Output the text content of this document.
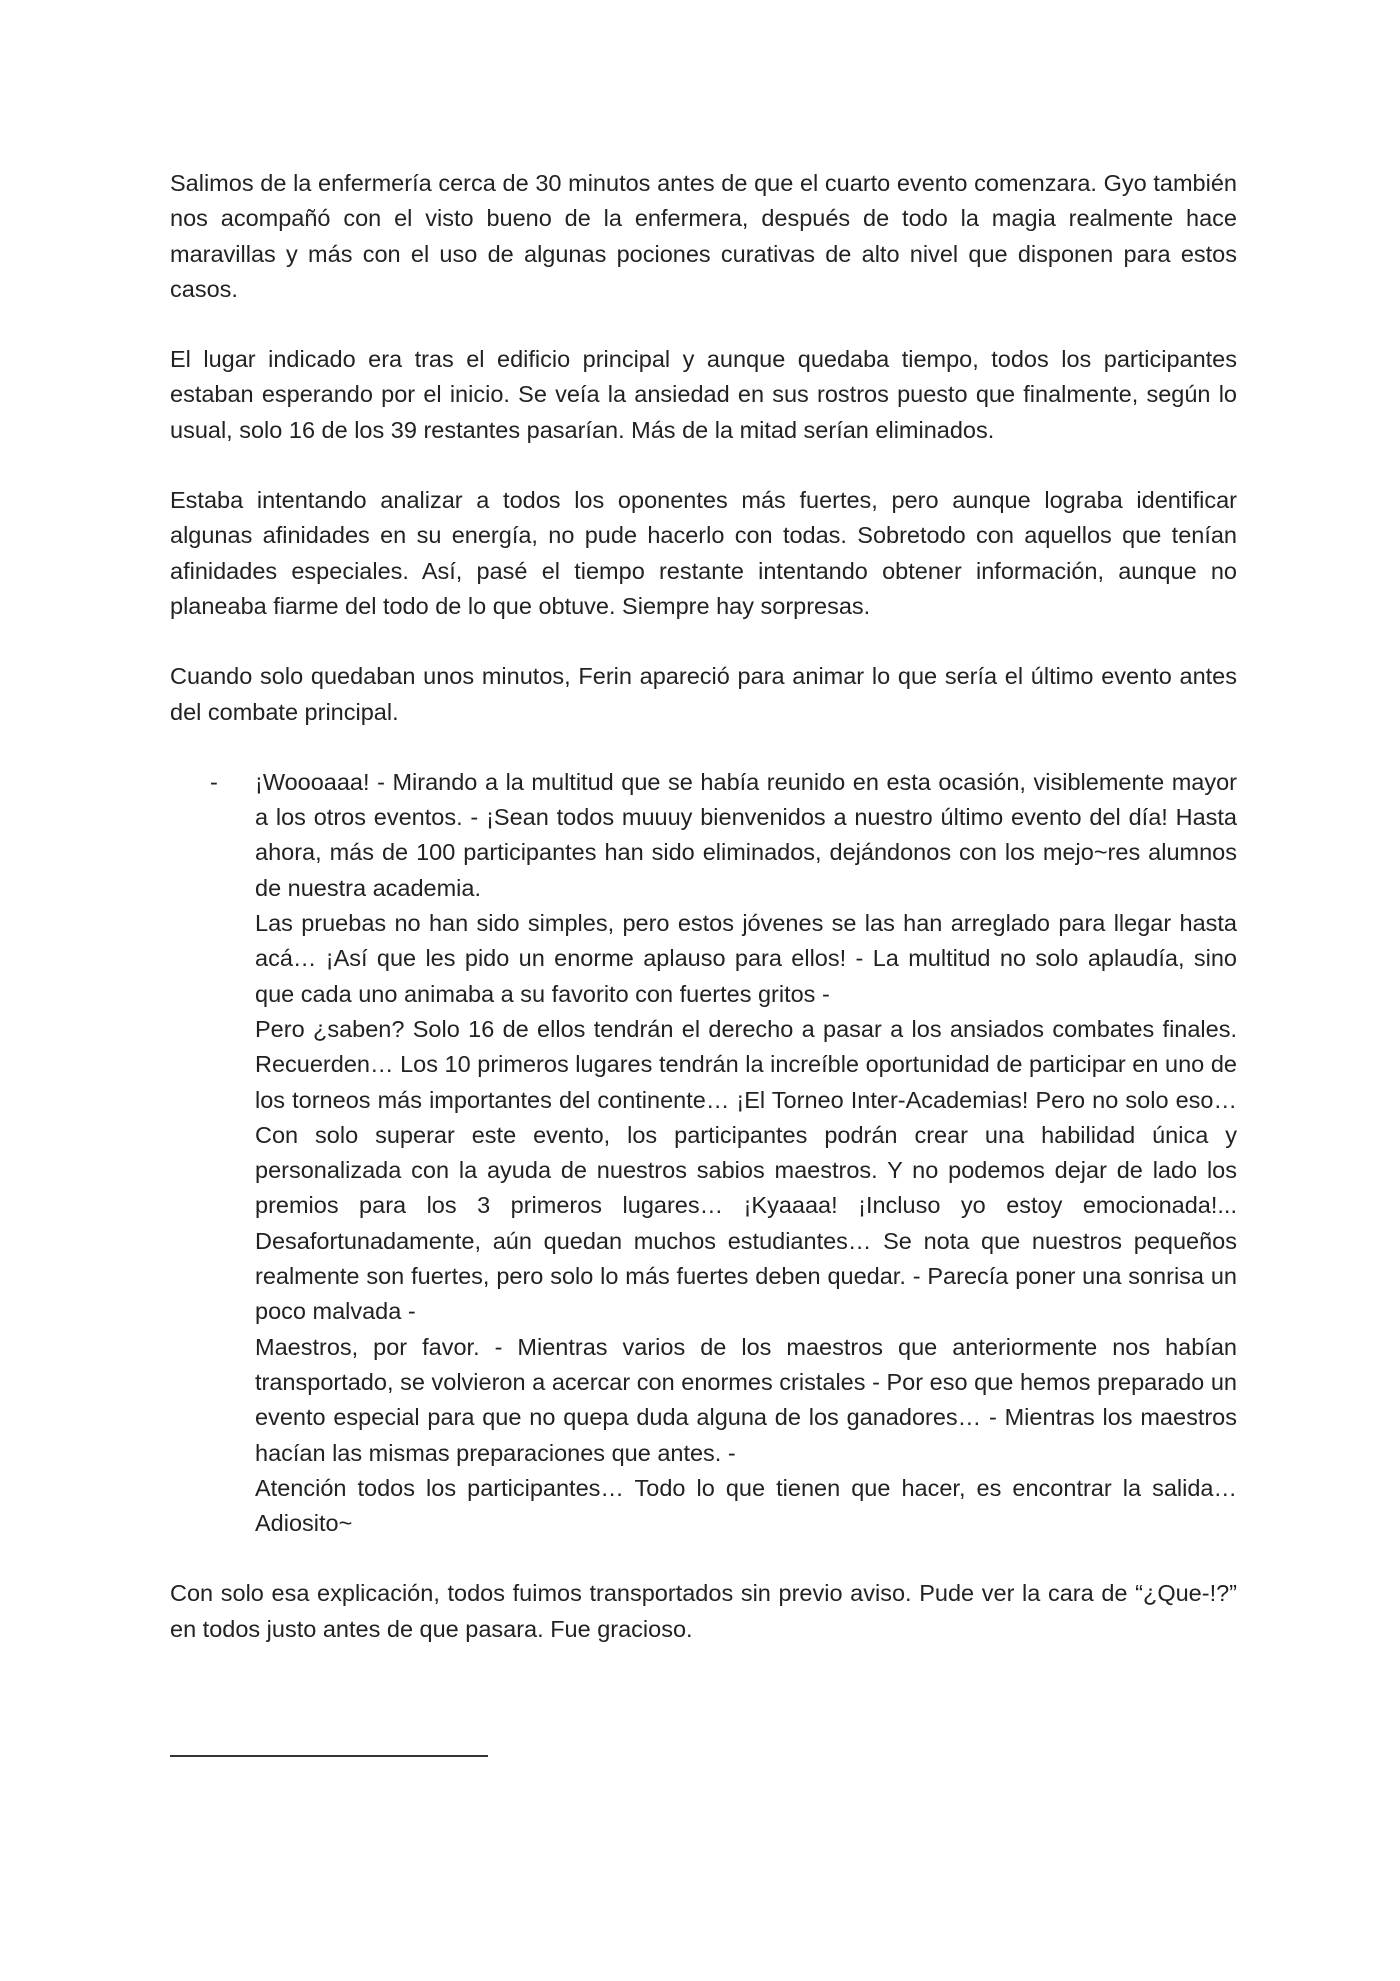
Salimos de la enfermería cerca de 30 minutos antes de que el cuarto evento comenzara. Gyo también nos acompañó con el visto bueno de la enfermera, después de todo la magia realmente hace maravillas y más con el uso de algunas pociones curativas de alto nivel que disponen para estos casos.

El lugar indicado era tras el edificio principal y aunque quedaba tiempo, todos los participantes estaban esperando por el inicio. Se veía la ansiedad en sus rostros puesto que finalmente, según lo usual, solo 16 de los 39 restantes pasarían. Más de la mitad serían eliminados.

Estaba intentando analizar a todos los oponentes más fuertes, pero aunque lograba identificar algunas afinidades en su energía, no pude hacerlo con todas. Sobretodo con aquellos que tenían afinidades especiales. Así, pasé el tiempo restante intentando obtener información, aunque no planeaba fiarme del todo de lo que obtuve. Siempre hay sorpresas.

Cuando solo quedaban unos minutos, Ferin apareció para animar lo que sería el último evento antes del combate principal.

- ¡Woooaaa! - Mirando a la multitud que se había reunido en esta ocasión, visiblemente mayor a los otros eventos. - ¡Sean todos muuuy bienvenidos a nuestro último evento del día! Hasta ahora, más de 100 participantes han sido eliminados, dejándonos con los mejo~res alumnos de nuestra academia.

Las pruebas no han sido simples, pero estos jóvenes se las han arreglado para llegar hasta acá… ¡Así que les pido un enorme aplauso para ellos! - La multitud no solo aplaudía, sino que cada uno animaba a su favorito con fuertes gritos -

Pero ¿saben? Solo 16 de ellos tendrán el derecho a pasar a los ansiados combates finales. Recuerden… Los 10 primeros lugares tendrán la increíble oportunidad de participar en uno de los torneos más importantes del continente… ¡El Torneo Inter-Academias! Pero no solo eso… Con solo superar este evento, los participantes podrán crear una habilidad única y personalizada con la ayuda de nuestros sabios maestros. Y no podemos dejar de lado los premios para los 3 primeros lugares… ¡Kyaaaa! ¡Incluso yo estoy emocionada!... Desafortunadamente, aún quedan muchos estudiantes… Se nota que nuestros pequeños realmente son fuertes, pero solo lo más fuertes deben quedar. - Parecía poner una sonrisa un poco malvada -

Maestros, por favor. - Mientras varios de los maestros que anteriormente nos habían transportado, se volvieron a acercar con enormes cristales - Por eso que hemos preparado un evento especial para que no quepa duda alguna de los ganadores… - Mientras los maestros hacían las mismas preparaciones que antes. -

Atención todos los participantes… Todo lo que tienen que hacer, es encontrar la salida… Adiosito~

Con solo esa explicación, todos fuimos transportados sin previo aviso. Pude ver la cara de “¿Que-!?” en todos justo antes de que pasara. Fue gracioso.
